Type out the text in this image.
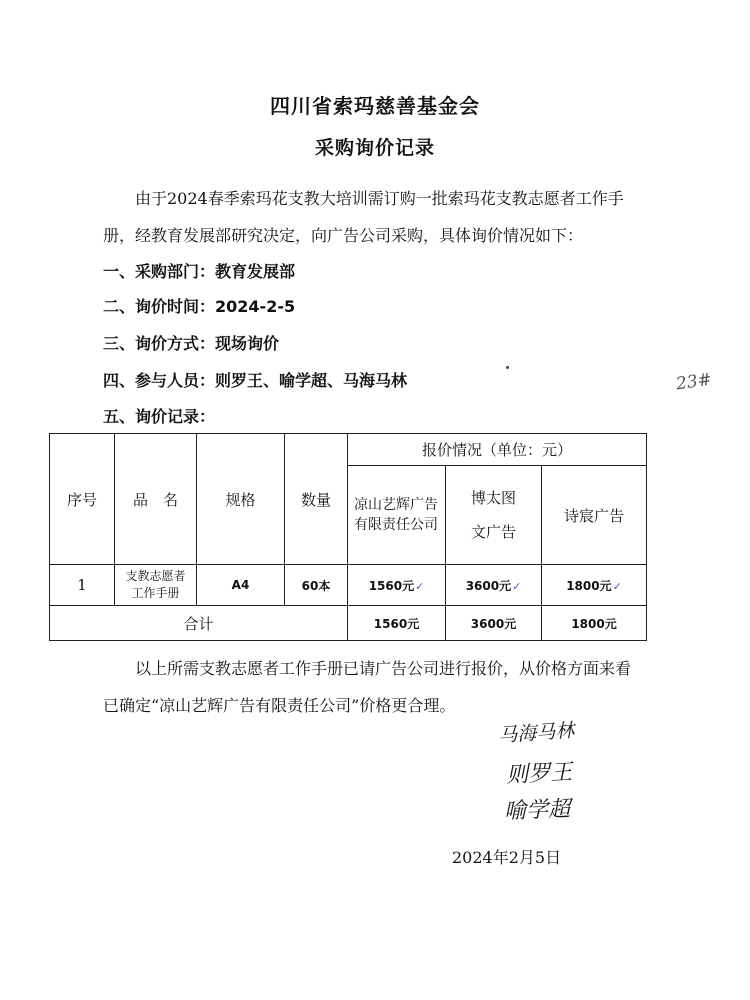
四川省索玛慈善基金会
采购询价记录
由于2024春季索玛花支教大培训需订购一批索玛花支教志愿者工作手册，经教育发展部研究决定，向广告公司采购，具体询价情况如下：
一、采购部门：教育发展部
二、询价时间：2024-2-5
三、询价方式：现场询价
四、参与人员：则罗王、喻学超、马海马林
五、询价记录：
23#
序号	品　名	规格	数量	报价情况（单位：元）		
				凉山艺辉广告有限责任公司	博太图文广告	诗宸广告
1	支教志愿者工作手册	A4	60本	1560元✓	3600元✓	1800元✓
合计				1560元	3600元	1800元
以上所需支教志愿者工作手册已请广告公司进行报价，从价格方面来看已确定“凉山艺辉广告有限责任公司”价格更合理。
马海马林
则罗王
喻学超
2024年2月5日
